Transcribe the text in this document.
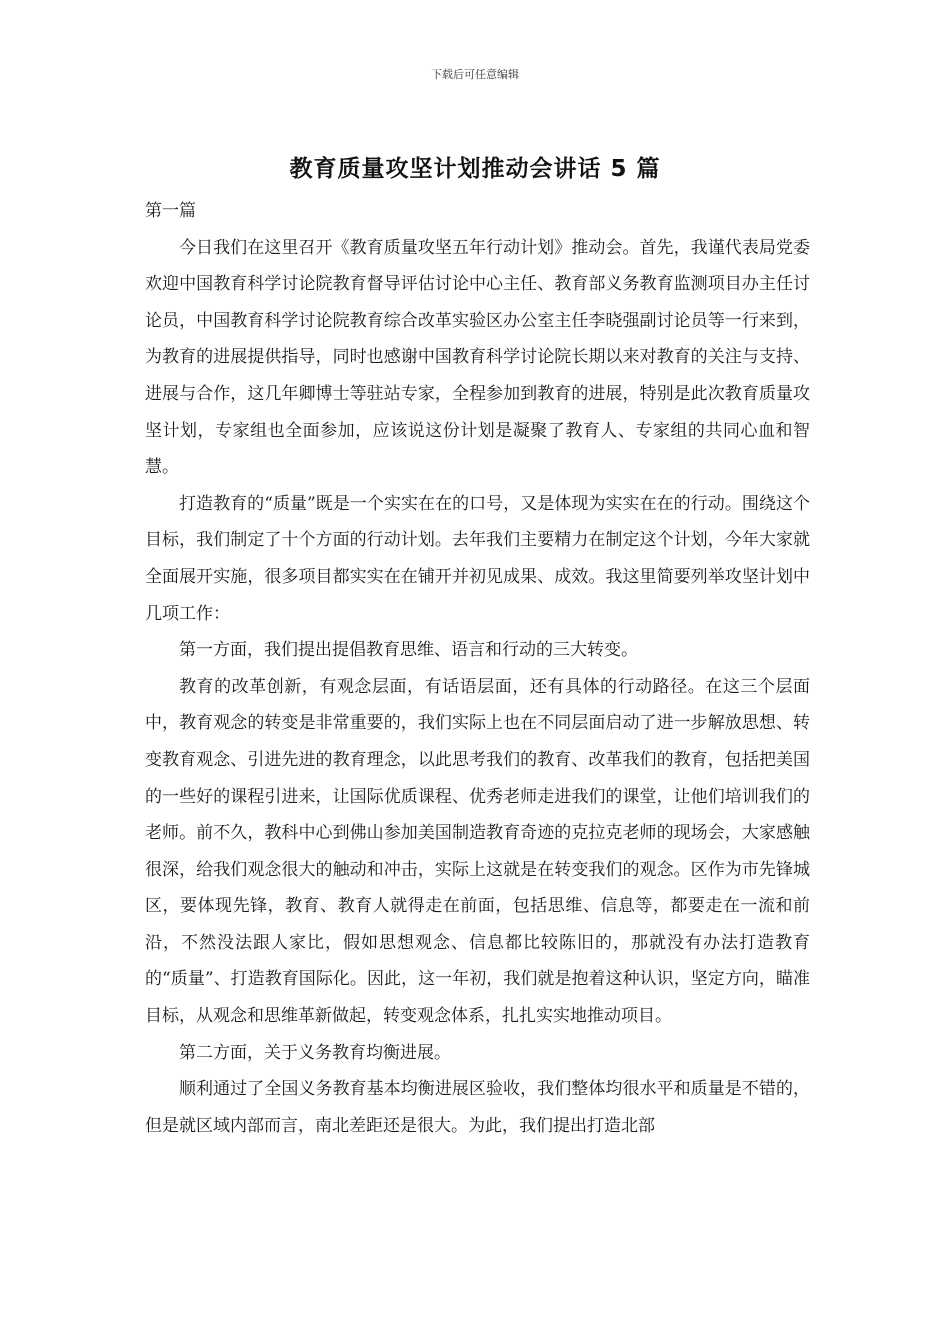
下载后可任意编辑
教育质量攻坚计划推动会讲话 5 篇

第一篇

今日我们在这里召开《教育质量攻坚五年行动计划》推动会。首先，我谨代表局党委欢迎中国教育科学讨论院教育督导评估讨论中心主任、教育部义务教育监测项目办主任讨论员，中国教育科学讨论院教育综合改革实验区办公室主任李晓强副讨论员等一行来到，为教育的进展提供指导，同时也感谢中国教育科学讨论院长期以来对教育的关注与支持、进展与合作，这几年卿博士等驻站专家，全程参加到教育的进展，特别是此次教育质量攻坚计划，专家组也全面参加，应该说这份计划是凝聚了教育人、专家组的共同心血和智慧。

打造教育的“质量”既是一个实实在在的口号，又是体现为实实在在的行动。围绕这个目标，我们制定了十个方面的行动计划。去年我们主要精力在制定这个计划，今年大家就全面展开实施，很多项目都实实在在铺开并初见成果、成效。我这里简要列举攻坚计划中几项工作：

第一方面，我们提出提倡教育思维、语言和行动的三大转变。

教育的改革创新，有观念层面，有话语层面，还有具体的行动路径。在这三个层面中，教育观念的转变是非常重要的，我们实际上也在不同层面启动了进一步解放思想、转变教育观念、引进先进的教育理念，以此思考我们的教育、改革我们的教育，包括把美国的一些好的课程引进来，让国际优质课程、优秀老师走进我们的课堂，让他们培训我们的老师。前不久，教科中心到佛山参加美国制造教育奇迹的克拉克老师的现场会，大家感触很深，给我们观念很大的触动和冲击，实际上这就是在转变我们的观念。区作为市先锋城区，要体现先锋，教育、教育人就得走在前面，包括思维、信息等，都要走在一流和前沿，不然没法跟人家比，假如思想观念、信息都比较陈旧的，那就没有办法打造教育的“质量”、打造教育国际化。因此，这一年初，我们就是抱着这种认识，坚定方向，瞄准目标，从观念和思维革新做起，转变观念体系，扎扎实实地推动项目。

第二方面，关于义务教育均衡进展。

顺利通过了全国义务教育基本均衡进展区验收，我们整体均很水平和质量是不错的，但是就区域内部而言，南北差距还是很大。为此，我们提出打造北部
